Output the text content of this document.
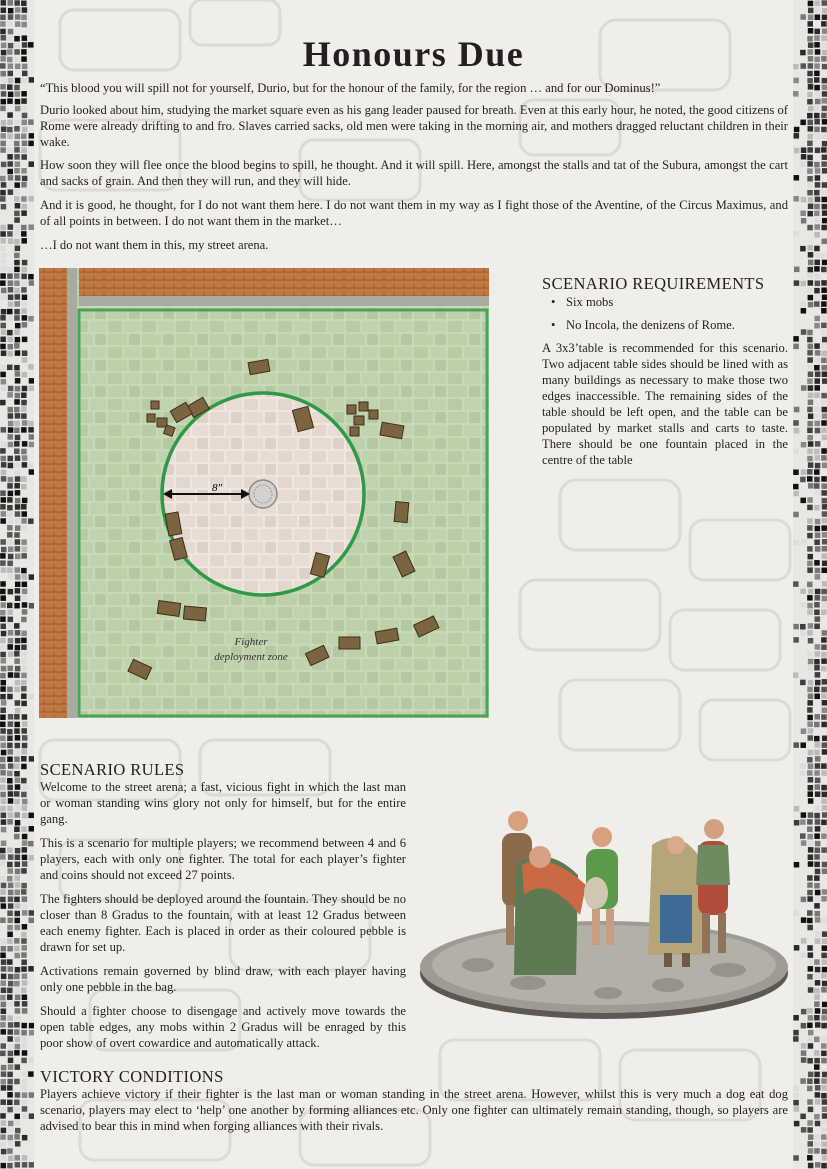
Honours Due

“This blood you will spill not for yourself, Durio, but for the honour of the family, for the region … and for our Dominus!”

Durio looked about him, studying the market square even as his gang leader paused for breath. Even at this early hour, he noted, the good citizens of Rome were already drifting to and fro. Slaves carried sacks, old men were taking in the morning air, and mothers dragged reluctant children in their wake.

How soon they will flee once the blood begins to spill, he thought. And it will spill. Here, amongst the stalls and tat of the Subura, amongst the cart and sacks of grain. And then they will run, and they will hide.

And it is good, he thought, for I do not want them here. I do not want them in my way as I fight those of the Aventine, of the Circus Maximus, and of all points in between. I do not want them in the market…

…I do not want them in this, my street arena.

8"
Fighter
deployment zone
SCENARIO REQUIREMENTS
• Six mobs
• No Incola, the denizens of Rome.

A 3x3’table is recommended for this scenario. Two adjacent table sides should be lined with as many buildings as necessary to make those two edges inaccessible. The remaining sides of the table should be left open, and the table can be populated by market stalls and carts to taste. There should be one fountain placed in the centre of the table

SCENARIO RULES

Welcome to the street arena; a fast, vicious fight in which the last man or woman standing wins glory not only for himself, but for the entire gang.

This is a scenario for multiple players; we recommend between 4 and 6 players, each with only one fighter. The total for each player’s fighter and coins should not exceed 27 points.

The fighters should be deployed around the fountain. They should be no closer than 8 Gradus to the fountain, with at least 12 Gradus between each enemy fighter. Each is placed in order as their coloured pebble is drawn for set up.

Activations remain governed by blind draw, with each player having only one pebble in the bag.

Should a fighter choose to disengage and actively move towards the open table edges, any mobs within 2 Gradus will be enraged by this poor show of overt cowardice and automatically attack.

VICTORY CONDITIONS

Players achieve victory if their fighter is the last man or woman standing in the street arena. However, whilst this is very much a dog eat dog scenario, players may elect to ‘help’ one another by forming alliances etc. Only one fighter can ultimately remain standing, though, so players are advised to bear this in mind when forging alliances with their rivals.
